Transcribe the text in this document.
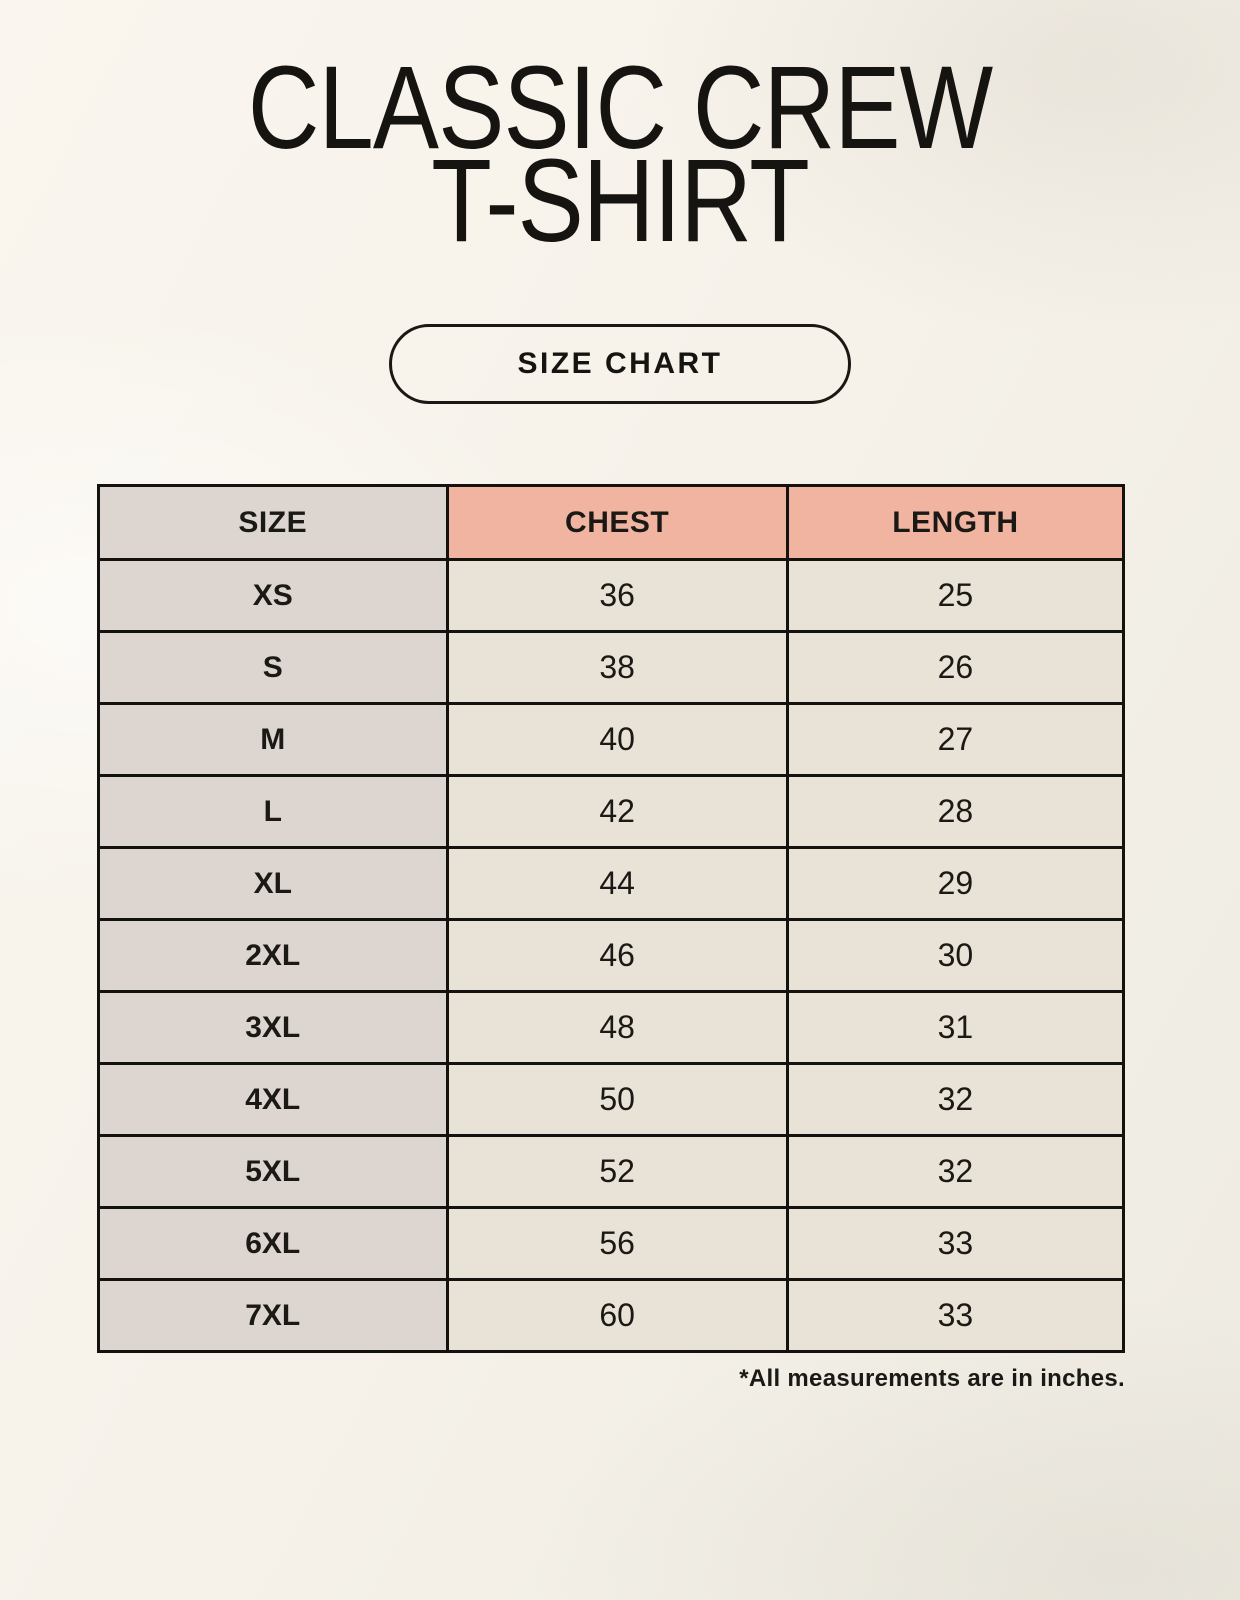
CLASSIC CREW
T-SHIRT
SIZE CHART
SIZE	CHEST	LENGTH
XS	36	25
S	38	26
M	40	27
L	42	28
XL	44	29
2XL	46	30
3XL	48	31
4XL	50	32
5XL	52	32
6XL	56	33
7XL	60	33
*All measurements are in inches.
